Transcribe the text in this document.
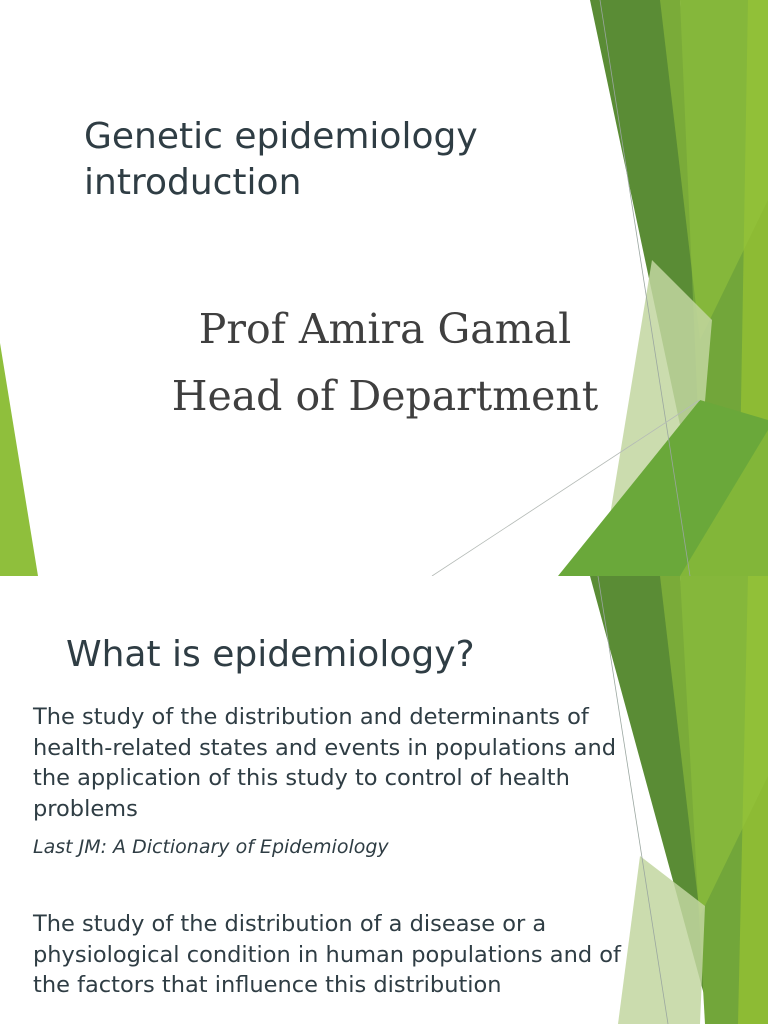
Genetic epidemiology introduction
Prof Amira Gamal
Head of Department
What is epidemiology?
The study of the distribution and determinants of health-related states and events in populations and the application of this study to control of health problems
Last JM: A Dictionary of Epidemiology
The study of the distribution of a disease or a physiological condition in human populations and of the factors that influence this distribution
